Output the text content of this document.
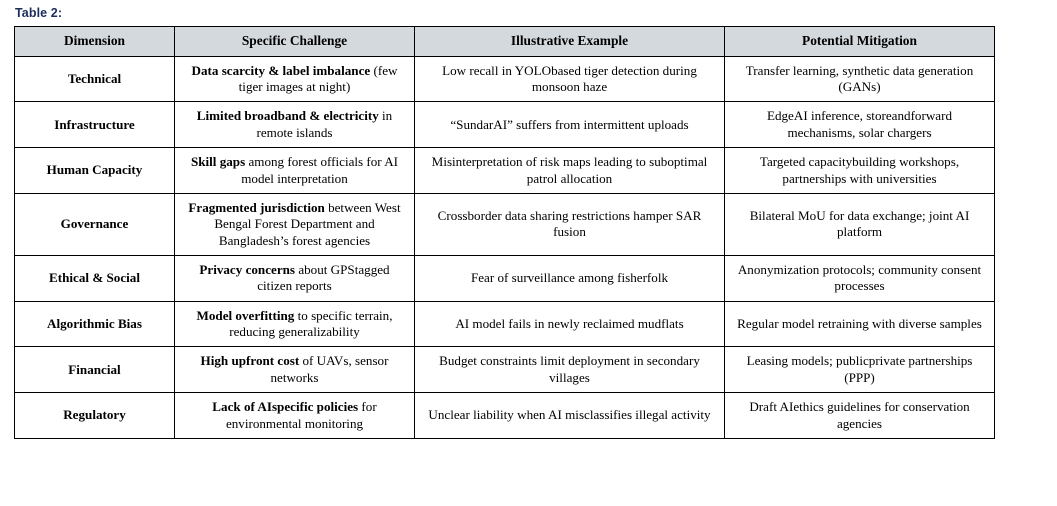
Table 2:
Dimension	Specific Challenge	Illustrative Example	Potential Mitigation
Technical	Data scarcity & label imbalance (few tiger images at night)	Low recall in YOLObased tiger detection during monsoon haze	Transfer learning, synthetic data generation (GANs)
Infrastructure	Limited broadband & electricity in remote islands	“SundarAI” suffers from intermittent uploads	EdgeAI inference, storeandforward mechanisms, solar chargers
Human Capacity	Skill gaps among forest officials for AI model interpretation	Misinterpretation of risk maps leading to suboptimal patrol allocation	Targeted capacitybuilding workshops, partnerships with universities
Governance	Fragmented jurisdiction between West Bengal Forest Department and Bangladesh’s forest agencies	Crossborder data sharing restrictions hamper SAR fusion	Bilateral MoU for data exchange; joint AI platform
Ethical & Social	Privacy concerns about GPStagged citizen reports	Fear of surveillance among fisherfolk	Anonymization protocols; community consent processes
Algorithmic Bias	Model overfitting to specific terrain, reducing generalizability	AI model fails in newly reclaimed mudflats	Regular model retraining with diverse samples
Financial	High upfront cost of UAVs, sensor networks	Budget constraints limit deployment in secondary villages	Leasing models; publicprivate partnerships (PPP)
Regulatory	Lack of AIspecific policies for environmental monitoring	Unclear liability when AI misclassifies illegal activity	Draft AIethics guidelines for conservation agencies
